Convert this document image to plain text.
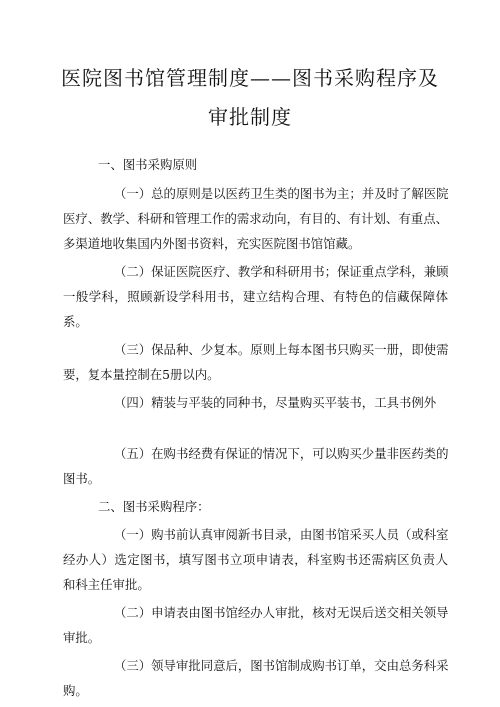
医院图书馆管理制度——图书采购程序及
审批制度
一、图书采购原则
（一）总的原则是以医药卫生类的图书为主；并及时了解医院
医疗、教学、科研和管理工作的需求动向，有目的、有计划、有重点、
多渠道地收集国内外图书资料，充实医院图书馆馆藏。
（二）保证医院医疗、教学和科研用书；保证重点学科，兼顾
一般学科，照顾新设学科用书，建立结构合理、有特色的信藏保障体
系。
（三）保品种、少复本。原则上每本图书只购买一册，即使需
要，复本量控制在5册以内。
（四）精装与平装的同种书，尽量购买平装书，工具书例外
（五）在购书经费有保证的情况下，可以购买少量非医药类的
图书。
二、图书采购程序：
（一）购书前认真审阅新书目录，由图书馆采买人员（或科室
经办人）选定图书，填写图书立项申请表，科室购书还需病区负责人
和科主任审批。
（二）申请表由图书馆经办人审批，核对无误后送交相关领导
审批。
（三）领导审批同意后，图书馆制成购书订单，交由总务科采
购。
